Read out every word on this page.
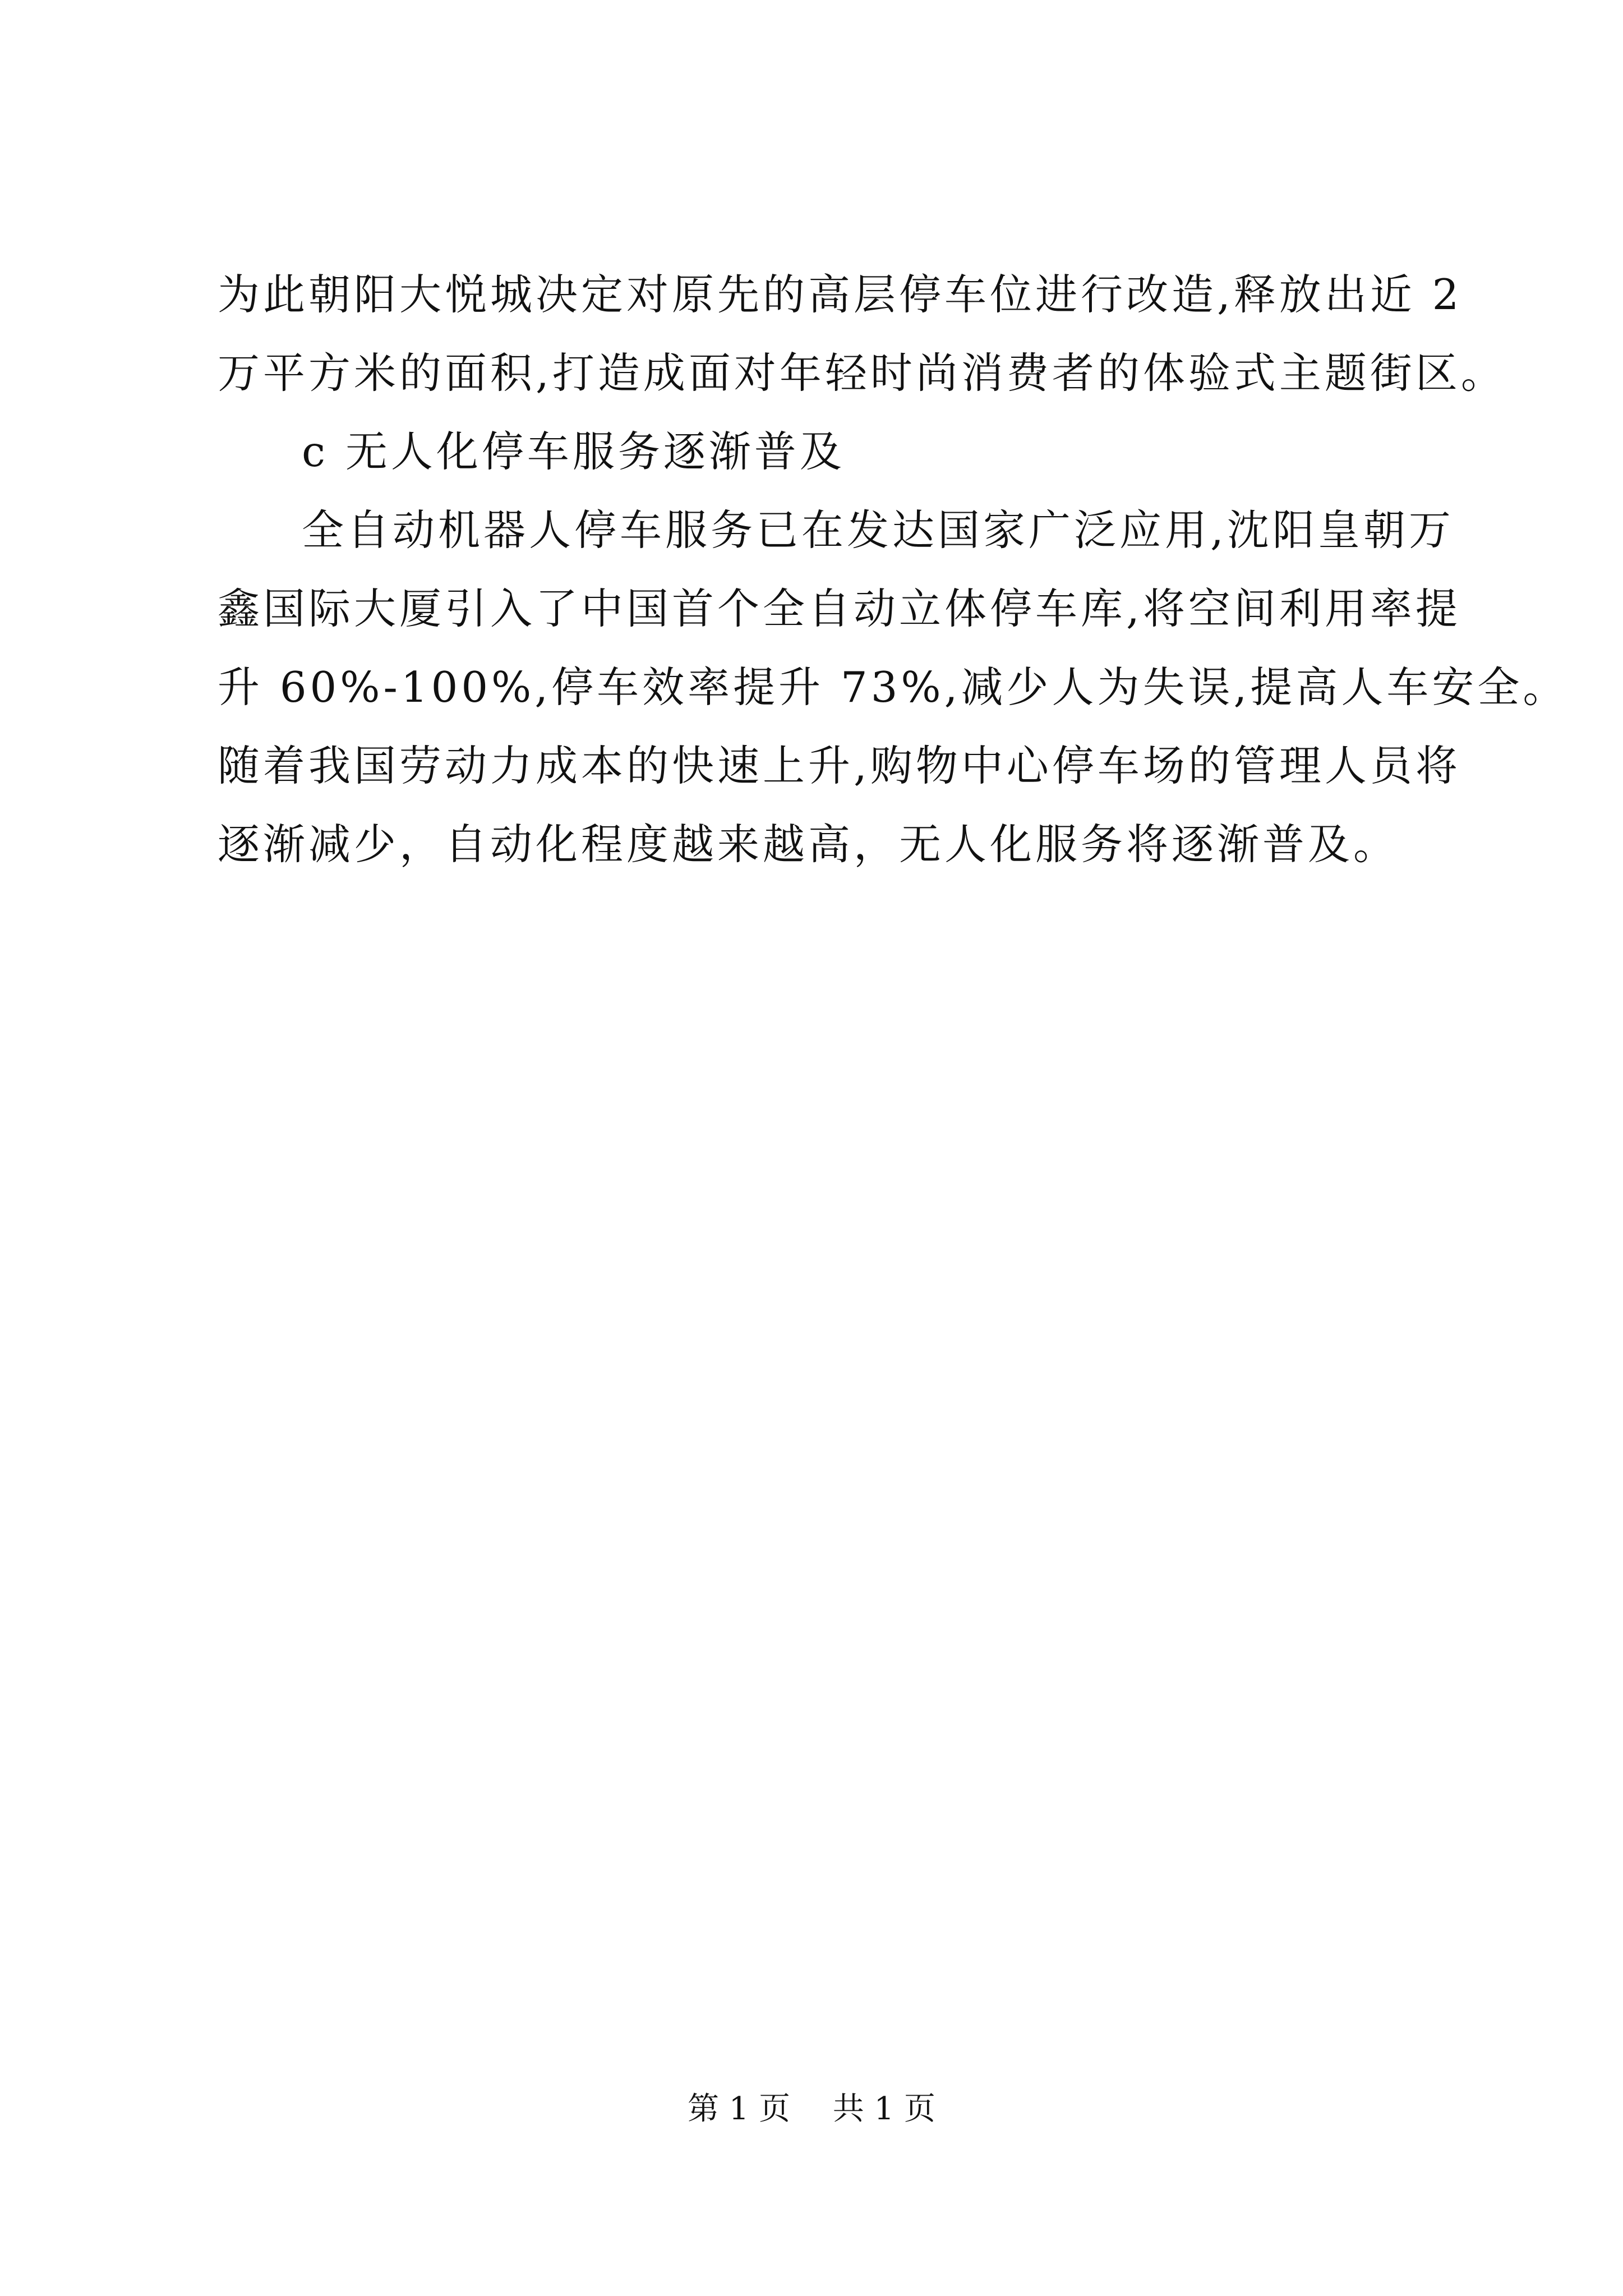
为此朝阳大悦城决定对原先的高层停车位进行改造,释放出近 2
万平方米的面积,打造成面对年轻时尚消费者的体验式主题街区。
c 无人化停车服务逐渐普及
全自动机器人停车服务已在发达国家广泛应用,沈阳皇朝万
鑫国际大厦引入了中国首个全自动立体停车库,将空间利用率提
升 60%-100%,停车效率提升 73%,减少人为失误,提高人车安全。
随着我国劳动力成本的快速上升,购物中心停车场的管理人员将
逐渐减少，自动化程度越来越高，无人化服务将逐渐普及。
第 1 页 共 1 页
